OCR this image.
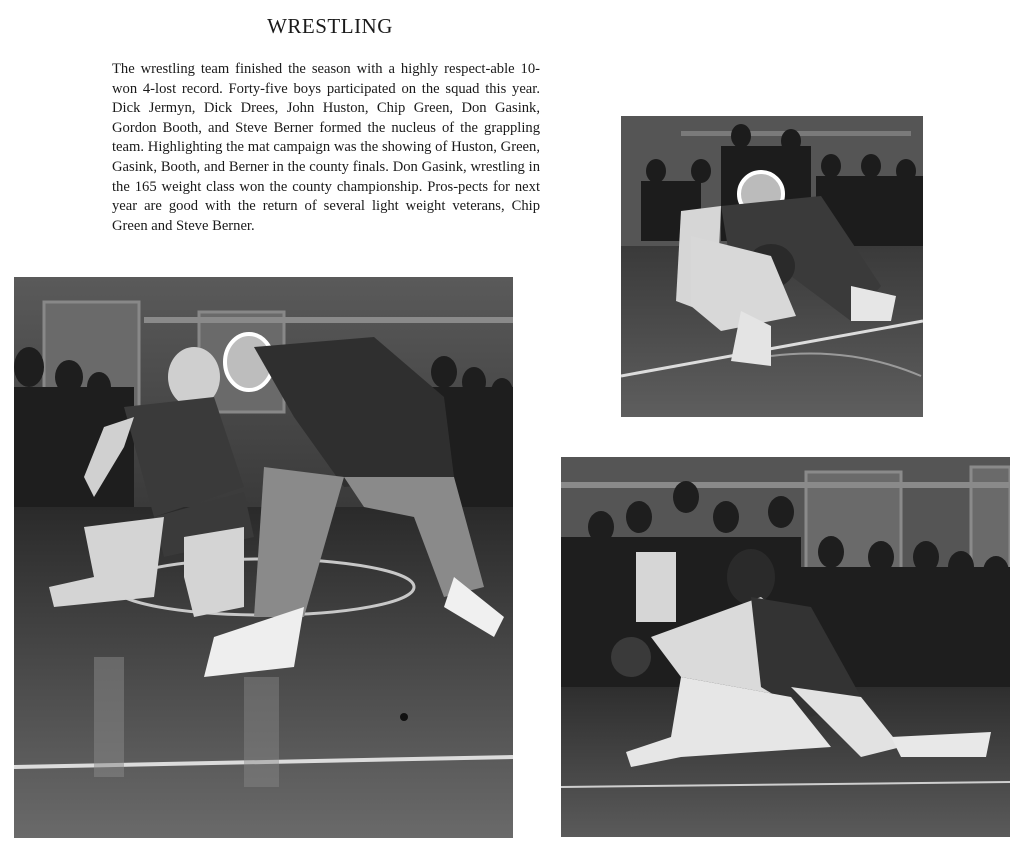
WRESTLING

The wrestling team finished the season with a highly respect-able 10-won 4-lost record. Forty-five boys participated on the squad this year. Dick Jermyn, Dick Drees, John Huston, Chip Green, Don Gasink, Gordon Booth, and Steve Berner formed the nucleus of the grappling team. Highlighting the mat campaign was the showing of Huston, Green, Gasink, Booth, and Berner in the county finals. Don Gasink, wrestling in the 165 weight class won the county championship. Pros-pects for next year are good with the return of several light weight veterans, Chip Green and Steve Berner.
